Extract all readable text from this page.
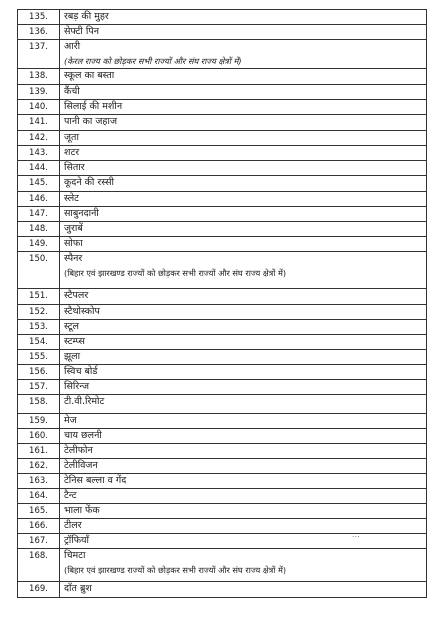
135.	रबड़ की मुहर
136.	सेफ्टी पिन
137.	आरी
(केरल राज्य को छोड़कर सभी राज्यों और संघ राज्य क्षेत्रों में)

138.	स्कूल का बस्ता
139.	कैंची
140.	सिलाई की मशीन
141.	पानी का जहाज
142.	जूता
143.	शटर
144.	सितार
145.	कूदने की रस्सी
146.	स्लेट
147.	साबुनदानी
148.	जुराबें
149.	सोफा
150.	स्पैनर
(बिहार एवं झारखण्ड राज्यों को छोड़कर सभी राज्यों और संघ राज्य क्षेत्रों में)

151.	स्टैपलर
152.	स्टैथोस्कोप
153.	स्टूल
154.	स्टम्प्स
155.	झूला
156.	स्विच बोर्ड
157.	सिरिन्ज
158.	टी.वी.रिमोट
159.	मेज
160.	चाय छलनी
161.	टेलीफोन
162.	टेलीविजन
163.	टेनिस बल्ला व गेंद
164.	टैन्ट
165.	भाला फेंक
166.	टीलर
167.	ट्रॉफियाँ
168.	चिमटा
(बिहार एवं झारखण्ड राज्यों को छोड़कर सभी राज्यों और संघ राज्य क्षेत्रों में)

169.	दाँत ब्रुश
...
